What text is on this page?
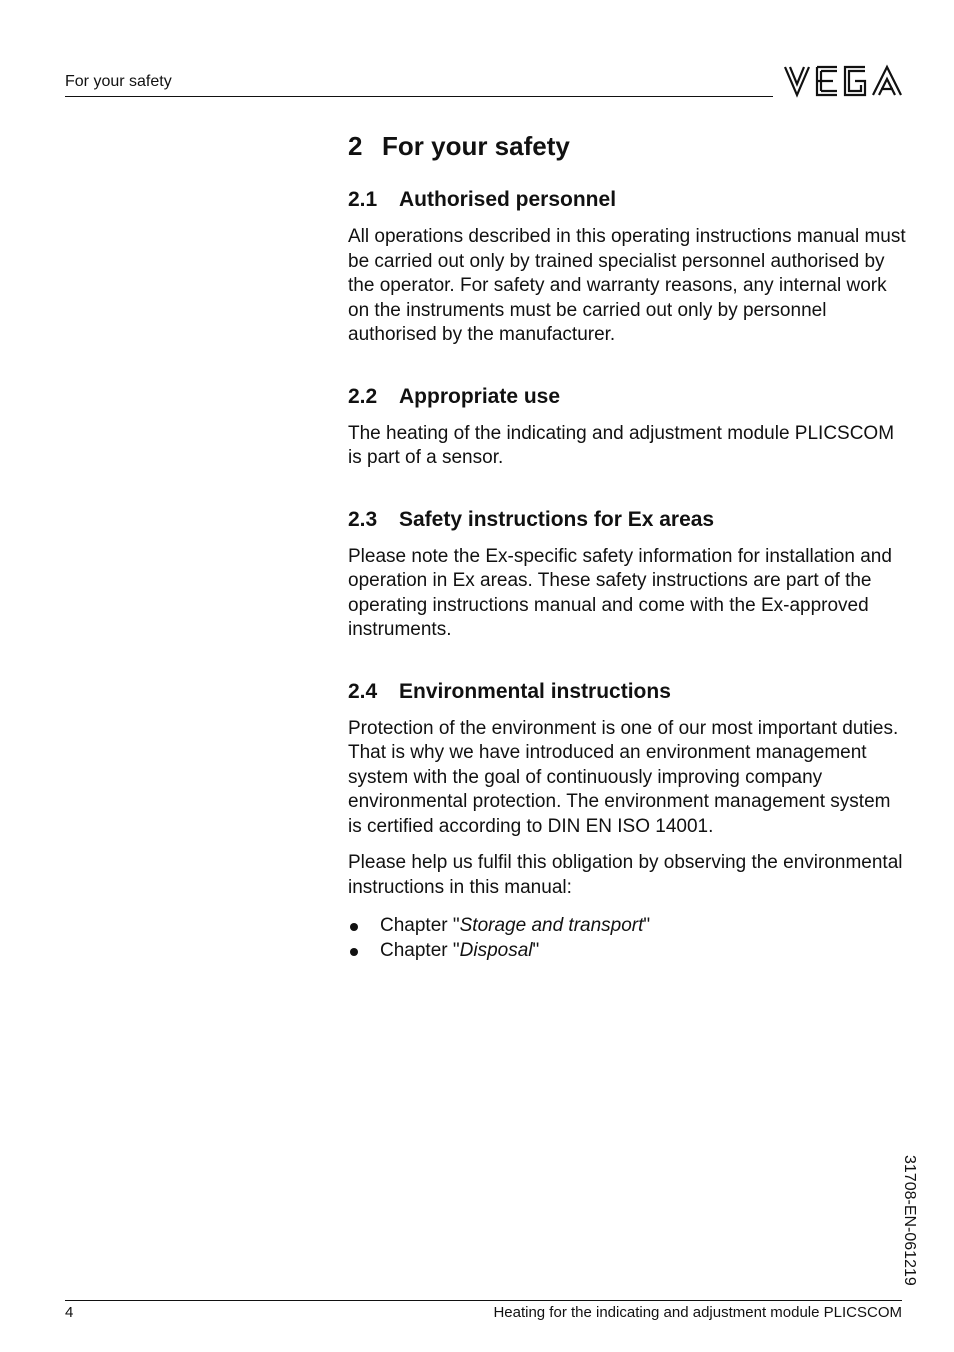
For your safety
2 For your safety
2.1 Authorised personnel

All operations described in this operating instructions manual must be carried out only by trained specialist personnel authorised by the operator. For safety and warranty reasons, any internal work on the instruments must be carried out only by personnel authorised by the manufacturer.

2.2 Appropriate use

The heating of the indicating and adjustment module PLICSCOM is part of a sensor.

2.3 Safety instructions for Ex areas

Please note the Ex-specific safety information for installation and operation in Ex areas. These safety instructions are part of the operating instructions manual and come with the Ex-approved instruments.

2.4 Environmental instructions

Protection of the environment is one of our most important duties. That is why we have introduced an environment management system with the goal of continuously improving company environmental protection. The environment management system is certified according to DIN EN ISO 14001.

Please help us fulfil this obligation by observing the environmental instructions in this manual:

Chapter "Storage and transport"
Chapter "Disposal"
31708-EN-061219
4	Heating for the indicating and adjustment module PLICSCOM
